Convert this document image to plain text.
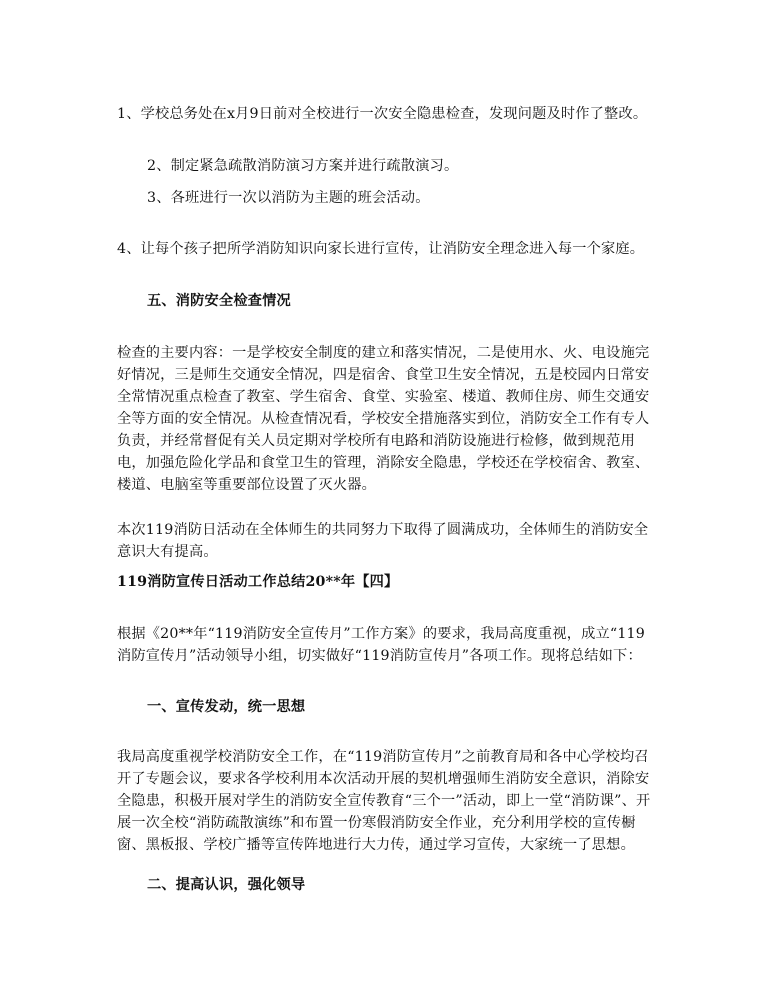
1、学校总务处在x月9日前对全校进行一次安全隐患检查，发现问题及时作了整改。

2、制定紧急疏散消防演习方案并进行疏散演习。

3、各班进行一次以消防为主题的班会活动。

4、让每个孩子把所学消防知识向家长进行宣传，让消防安全理念进入每一个家庭。

五、消防安全检查情况

检查的主要内容：一是学校安全制度的建立和落实情况，二是使用水、火、电设施完好情况，三是师生交通安全情况，四是宿舍、食堂卫生安全情况，五是校园内日常安全常情况重点检查了教室、学生宿舍、食堂、实验室、楼道、教师住房、师生交通安全等方面的安全情况。从检查情况看，学校安全措施落实到位，消防安全工作有专人负责，并经常督促有关人员定期对学校所有电路和消防设施进行检修，做到规范用电，加强危险化学品和食堂卫生的管理，消除安全隐患，学校还在学校宿舍、教室、楼道、电脑室等重要部位设置了灭火器。

本次119消防日活动在全体师生的共同努力下取得了圆满成功，全体师生的消防安全意识大有提高。

119消防宣传日活动工作总结20**年【四】

根据《20**年“119消防安全宣传月”工作方案》的要求，我局高度重视，成立“119消防宣传月”活动领导小组，切实做好“119消防宣传月”各项工作。现将总结如下：

一、宣传发动，统一思想

我局高度重视学校消防安全工作，在“119消防宣传月”之前教育局和各中心学校均召开了专题会议，要求各学校利用本次活动开展的契机增强师生消防安全意识，消除安全隐患，积极开展对学生的消防安全宣传教育“三个一”活动，即上一堂“消防课”、开展一次全校“消防疏散演练”和布置一份寒假消防安全作业，充分利用学校的宣传橱窗、黑板报、学校广播等宣传阵地进行大力传，通过学习宣传，大家统一了思想。

二、提高认识，强化领导
